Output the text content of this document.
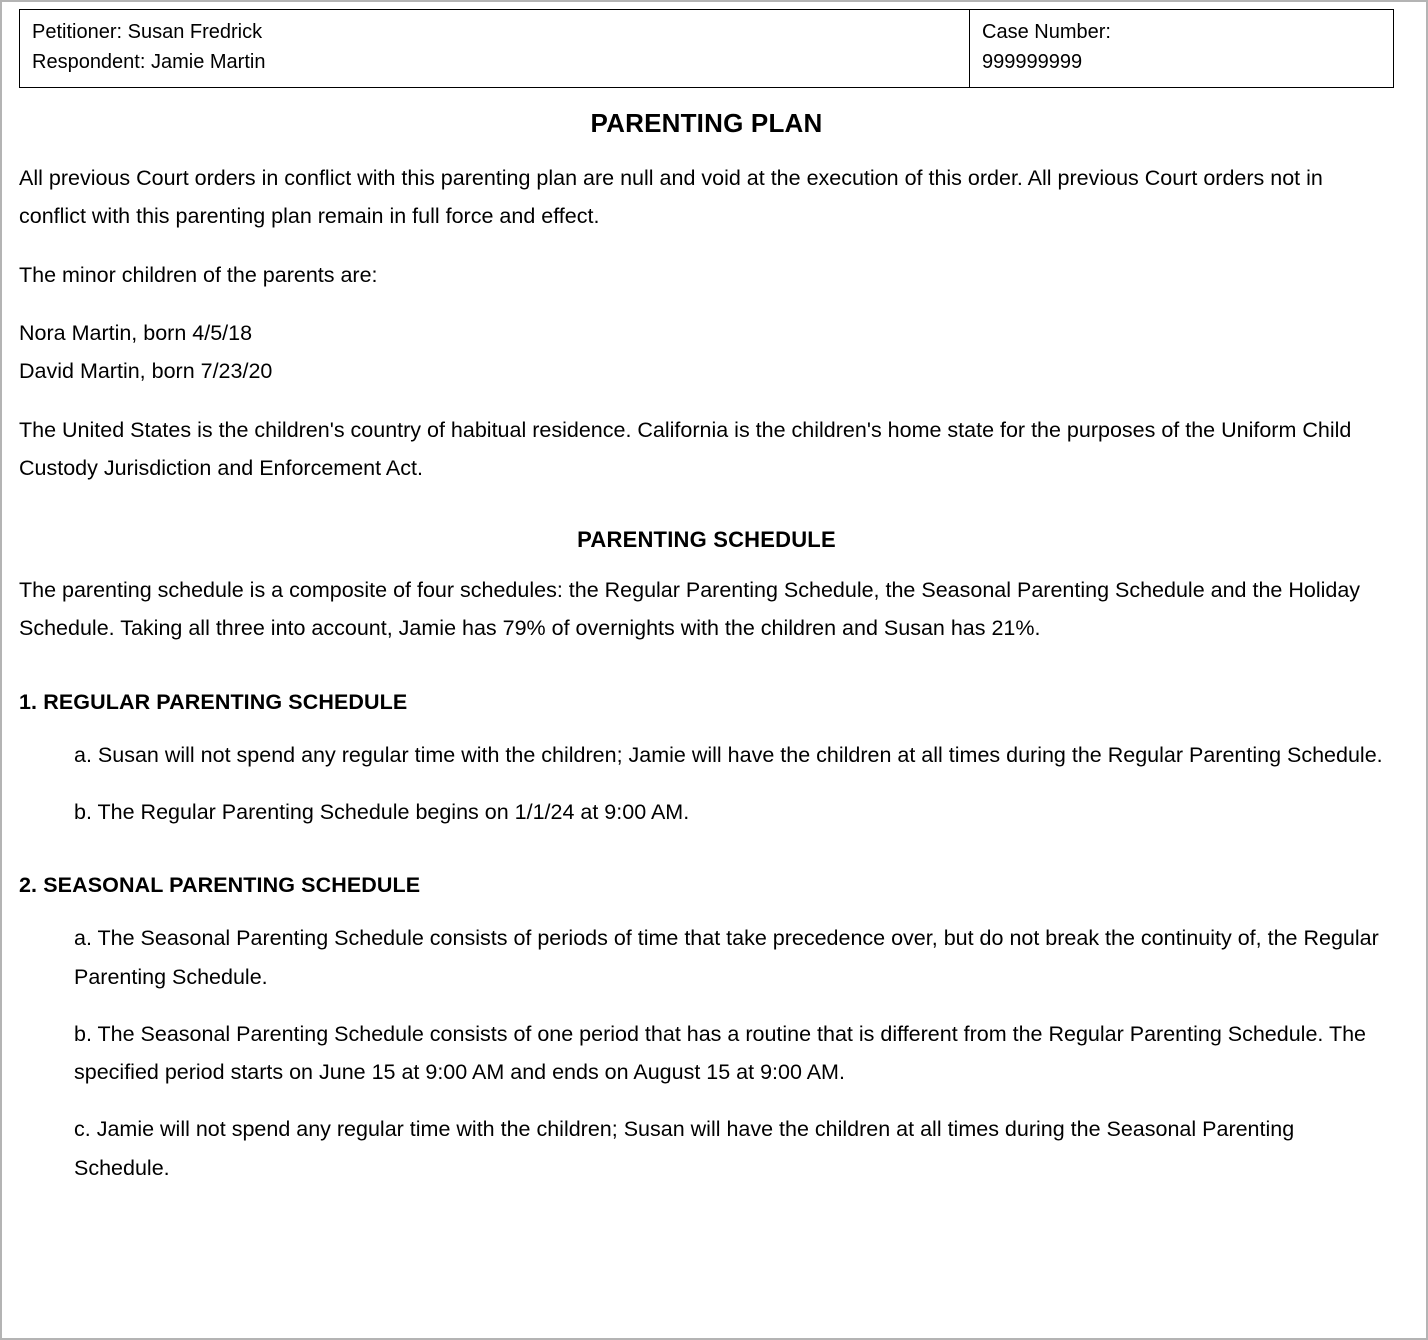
Petitioner: Susan Fredrick
Respondent: Jamie Martin

Case Number:
999999999
PARENTING PLAN

All previous Court orders in conflict with this parenting plan are null and void at the execution of this order. All previous Court orders not in conflict with this parenting plan remain in full force and effect.

The minor children of the parents are:

Nora Martin, born 4/5/18
David Martin, born 7/23/20

The United States is the children's country of habitual residence. California is the children's home state for the purposes of the Uniform Child Custody Jurisdiction and Enforcement Act.

PARENTING SCHEDULE

The parenting schedule is a composite of four schedules: the Regular Parenting Schedule, the Seasonal Parenting Schedule and the Holiday Schedule. Taking all three into account, Jamie has 79% of overnights with the children and Susan has 21%.

1. REGULAR PARENTING SCHEDULE

a. Susan will not spend any regular time with the children; Jamie will have the children at all times during the Regular Parenting Schedule.

b. The Regular Parenting Schedule begins on 1/1/24 at 9:00 AM.

2. SEASONAL PARENTING SCHEDULE

a. The Seasonal Parenting Schedule consists of periods of time that take precedence over, but do not break the continuity of, the Regular Parenting Schedule.

b. The Seasonal Parenting Schedule consists of one period that has a routine that is different from the Regular Parenting Schedule. The specified period starts on June 15 at 9:00 AM and ends on August 15 at 9:00 AM.

c. Jamie will not spend any regular time with the children; Susan will have the children at all times during the Seasonal Parenting Schedule.
